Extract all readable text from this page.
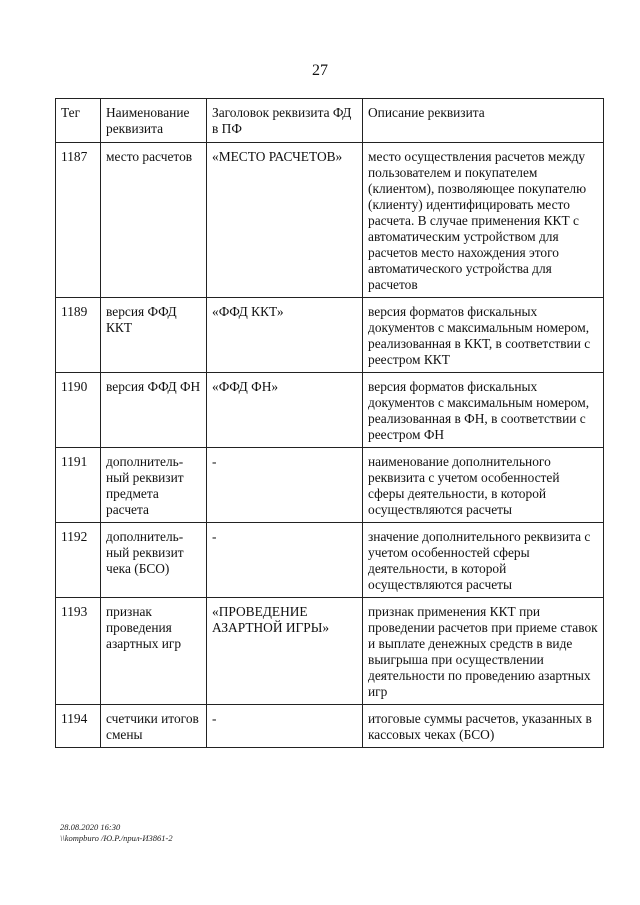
27
Тег	Наименование реквизита	Заголовок реквизита ФД в ПФ	Описание реквизита
1187	место расчетов	«МЕСТО РАСЧЕТОВ»	место осуществления расчетов между пользователем и покупателем (клиентом), позволяющее покупателю (клиенту) идентифицировать место расчета. В случае применения ККТ с автоматическим устройством для расчетов место нахождения этого автоматического устройства для расчетов
1189	версия ФФД ККТ	«ФФД ККТ»	версия форматов фискальных документов с максимальным номером, реализованная в ККТ, в соответствии с реестром ККТ
1190	версия ФФД ФН	«ФФД ФН»	версия форматов фискальных документов с максимальным номером, реализованная в ФН, в соответствии с реестром ФН
1191	дополнитель-ный реквизит предмета расчета	-	наименование дополнительного реквизита с учетом особенностей сферы деятельности, в которой осуществляются расчеты
1192	дополнитель-ный реквизит чека (БСО)	-	значение дополнительного реквизита с учетом особенностей сферы деятельности, в которой осуществляются расчеты
1193	признак проведения азартных игр	«ПРОВЕДЕНИЕ АЗАРТНОЙ ИГРЫ»	признак применения ККТ при проведении расчетов при приеме ставок и выплате денежных средств в виде выигрыша при осуществлении деятельности по проведению азартных игр
1194	счетчики итогов смены	-	итоговые суммы расчетов, указанных в кассовых чеках (БСО)
28.08.2020 16:30
\\kompburo /Ю.Р./прил-И3861-2
